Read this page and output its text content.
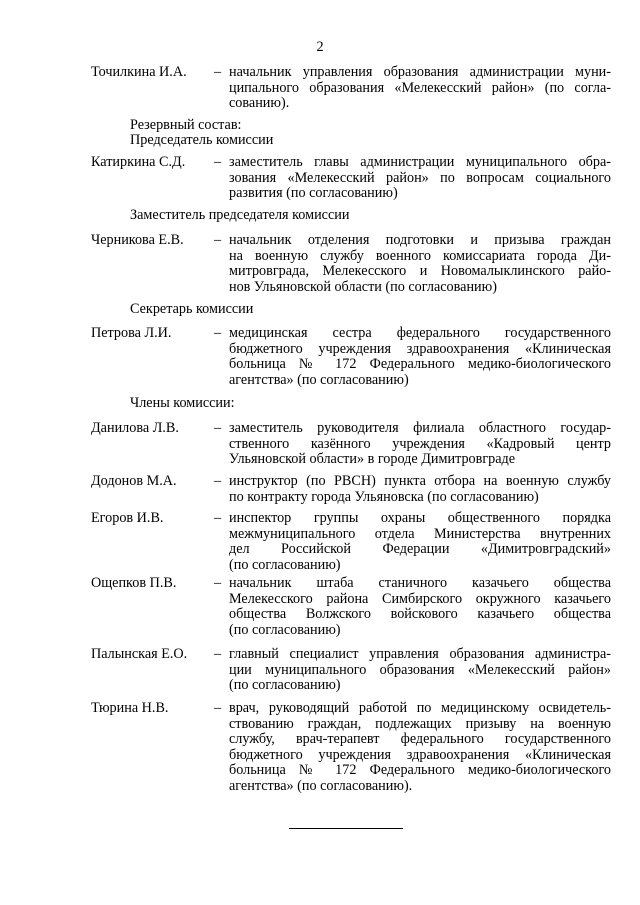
2
Точилкина И.А. – начальник управления образования администрации муни-
ципального образования «Мелекесский район» (по согла-
сованию).
Резервный состав:
Председатель комиссии
Катиркина С.Д. – заместитель главы администрации муниципального обра-
зования «Мелекесский район» по вопросам социального
развития (по согласованию)
Заместитель председателя комиссии
Черникова Е.В. – начальник отделения подготовки и призыва граждан
на военную службу военного комиссариата города Ди-
митровграда, Мелекесского и Новомалыклинского райо-
нов Ульяновской области (по согласованию)
Секретарь комиссии
Петрова Л.И.	– медицинская сестра федерального государственного
бюджетного учреждения здравоохранения «Клиническая
больница № 172 Федерального медико-биологического
агентства» (по согласованию)
Члены комиссии:
Данилова Л.В. – заместитель руководителя филиала областного государ-
ственного казённого учреждения «Кадровый центр
Ульяновской области» в городе Димитровграде
Додонов М.А.	– инструктор (по РВСН) пункта отбора на военную службу
по контракту города Ульяновска (по согласованию)
Егоров И.В.	– инспектор группы охраны общественного порядка
межмуниципального отдела Министерства внутренних
дел Российской Федерации «Димитровградский»
(по согласованию)
Ощепков П.В.	– начальник штаба станичного казачьего общества
Мелекесского района Симбирского окружного казачьего
общества Волжского войскового казачьего общества
(по согласованию)
Палынская Е.О. – главный специалист управления образования администра-
ции муниципального образования «Мелекесский район»
(по согласованию)
Тюрина Н.В.	– врач, руководящий работой по медицинскому освидетель-
ствованию граждан, подлежащих призыву на военную
службу, врач-терапевт федерального государственного
бюджетного учреждения здравоохранения «Клиническая
больница № 172 Федерального медико-биологического
агентства» (по согласованию).
